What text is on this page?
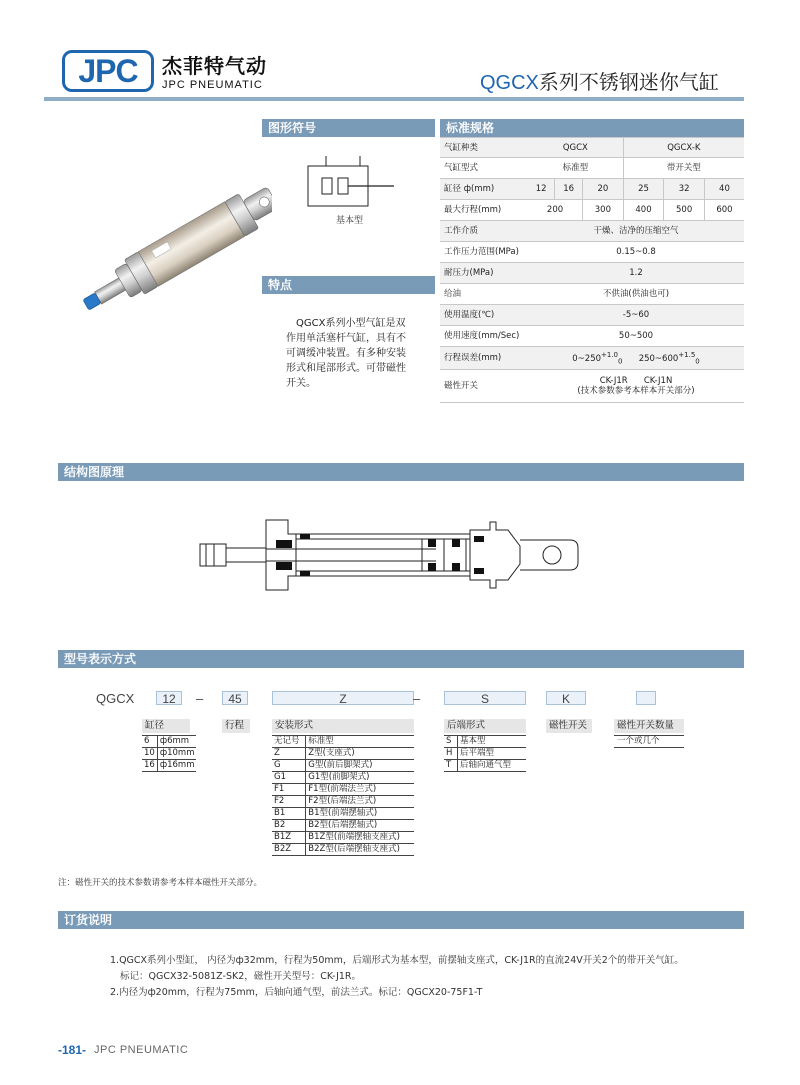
JPC	杰菲特气动
JPC PNEUMATIC	QGCX系列不锈钢迷你气缸
图形符号
基本型
特点
QGCX系列小型气缸是双作用单活塞杆气缸，具有不可调缓冲装置。有多种安装形式和尾部形式。可带磁性开关。
标准规格
气缸种类	QGCX			QGCX-K		
气缸型式	标准型			带开关型		
缸径 ф(mm)	12	16	20	25	32	40
最大行程(mm)	200		300	400	500	600
工作介质	干燥、洁净的压缩空气					
工作压力范围(MPa)	0.15~0.8					
耐压力(MPa)	1.2					
给油	不供油(供油也可)					
使用温度(℃)	-5~60					
使用速度(mm/Sec)	50~500					
行程误差(mm)	$0\sim 250^{+1.0}_0$ $250\sim 600^{+1.5}_0$
磁性开关	CK-J1R      CK-J1N
(技术参数参考本样本开关部分)					
结构图原理
型号表示方式
QGCX	12	–	45	Z	–	S	K
缸径
6	ф6mm
10	ф10mm
16	ф16mm
行程	安装形式
无记号	标准型
Z	Z型(支座式)
G	G型(前后脚架式)
G1	G1型(前脚架式)
F1	F1型(前端法兰式)
F2	F2型(后端法兰式)
B1	B1型(前端摆轴式)
B2	B2型(后端摆轴式)
B1Z	B1Z型(前端摆轴支座式)
B2Z	B2Z型(后端摆轴支座式)
后端形式
S	基本型
H	后平端型
T	后轴向通气型
磁性开关	磁性开关数量
一个或几个
注：磁性开关的技术参数请参考本样本磁性开关部分。
订货说明
1.QGCX系列小型缸， 内径为ф32mm，行程为50mm，后端形式为基本型，前摆轴支座式，CK-J1R的直流24V开关2个的带开关气缸。
标记：QGCX32-5081Z-SK2，磁性开关型号：CK-J1R。
2.内径为ф20mm，行程为75mm，后轴向通气型，前法兰式。标记：QGCX20-75F1-T
-181- JPC PNEUMATIC
